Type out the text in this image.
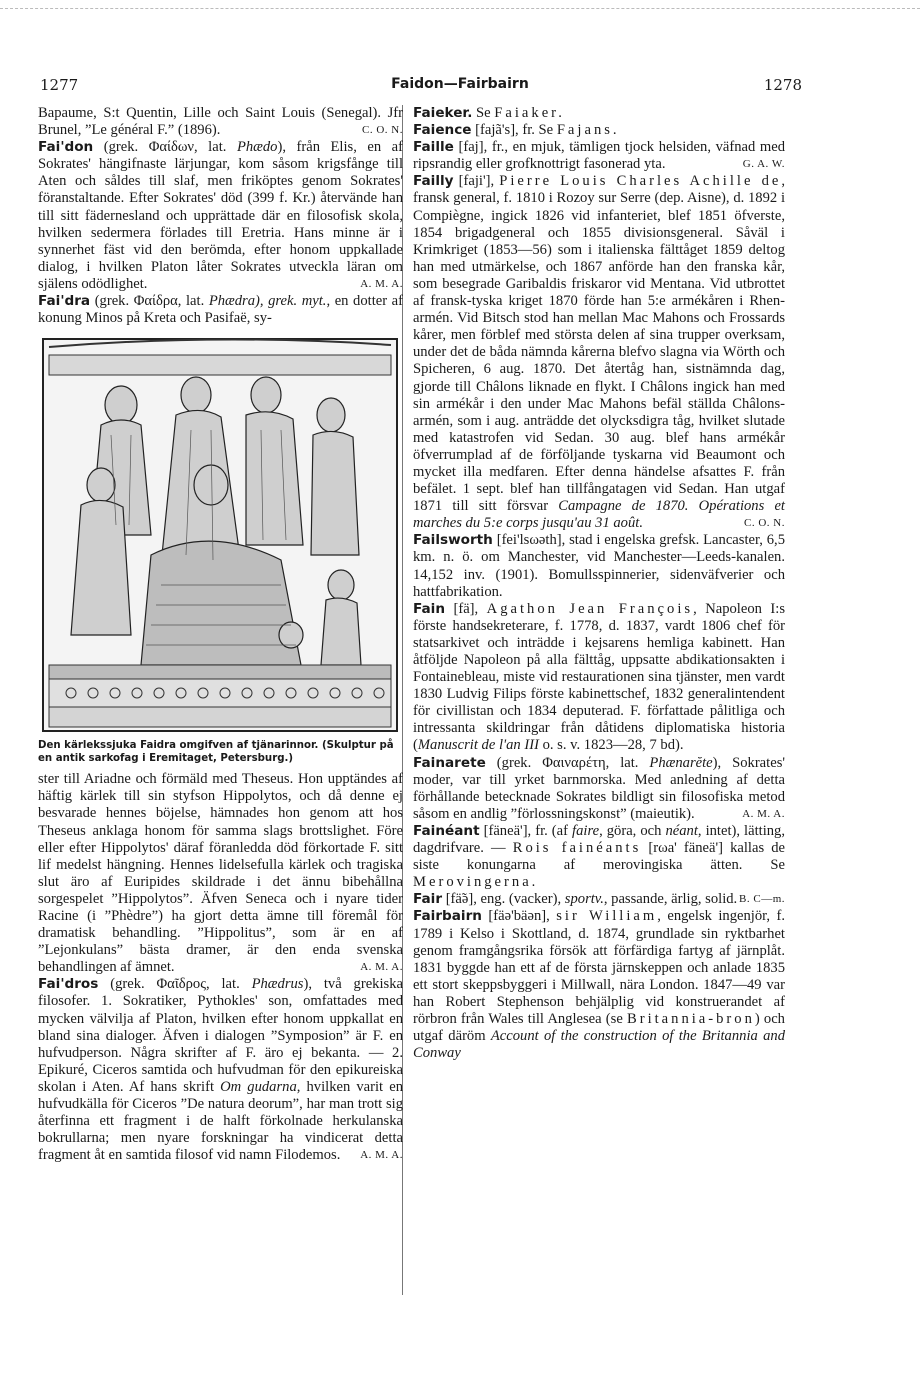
1277	Faidon—Fairbairn	1278

Bapaume, S:t Quentin, Lille och Saint Louis (Senegal). Jfr Brunel, ”Le général F.” (1896).	C. O. N.

Fai'don (grek. Φαίδων, lat. Phædo), från Elis, en af Sokrates' hängifnaste lärjungar, kom såsom krigsfånge till Aten och såldes till slaf, men friköptes genom Sokrates' föranstaltande. Efter Sokrates' död (399 f. Kr.) återvände han till sitt fädernesland och upprättade där en filosofisk skola, hvilken sedermera förlades till Eretria. Hans minne är i synnerhet fäst vid den berömda, efter honom uppkallade dialog, i hvilken Platon låter Sokrates utveckla läran om själens odödlighet.	A. M. A.

Fai'dra (grek. Φαίδρα, lat. Phædra), grek. myt., en dotter af konung Minos på Kreta och Pasifaë, sy-

Den kärlekssjuka Faidra omgifven af tjänarinnor. (Skulptur på en antik sarkofag i Eremitaget, Petersburg.)

ster till Ariadne och förmäld med Theseus. Hon upptändes af häftig kärlek till sin styfson Hippolytos, och då denne ej besvarade hennes böjelse, hämnades hon genom att hos Theseus anklaga honom för samma slags brottslighet. Före eller efter Hippolytos' däraf föranledda död förkortade F. sitt lif medelst hängning. Hennes lidelsefulla kärlek och tragiska slut äro af Euripides skildrade i det ännu bibehållna sorgespelet ”Hippolytos”. Äfven Seneca och i nyare tider Racine (i ”Phèdre”) ha gjort detta ämne till föremål för dramatisk behandling. ”Hippolitus”, som är en af ”Lejonkulans” bästa dramer, är den enda svenska behandlingen af ämnet.	A. M. A.

Fai'dros (grek. Φαῖδρος, lat. Phædrus), två grekiska filosofer. 1. Sokratiker, Pythokles' son, omfattades med mycken välvilja af Platon, hvilken efter honom uppkallat en bland sina dialoger. Äfven i dialogen ”Symposion” är F. en hufvudperson. Några skrifter af F. äro ej bekanta. — 2. Epikuré, Ciceros samtida och hufvudman för den epikureiska skolan i Aten. Af hans skrift Om gudarna, hvilken varit en hufvudkälla för Ciceros ”De natura deorum”, har man trott sig återfinna ett fragment i de halft förkolnade herkulanska bokrullarna; men nyare forskningar ha vindicerat detta fragment åt en samtida filosof vid namn Filodemos. A. M. A.

Faieker. Se Faiaker.

Faience [fajã's], fr. Se Fajans.

Faille [faj], fr., en mjuk, tämligen tjock helsiden, väfnad med ripsrandig eller grofknottrigt fasonerad yta.	G. A. W.

Failly [faji'], Pierre Louis Charles Achille de, fransk general, f. 1810 i Rozoy sur Serre (dep. Aisne), d. 1892 i Compiègne, ingick 1826 vid infanteriet, blef 1851 öfverste, 1854 brigadgeneral och 1855 divisionsgeneral. Såväl i Krimkriget (1853—56) som i italienska fälttåget 1859 deltog han med utmärkelse, och 1867 anförde han den franska kår, som besegrade Garibaldis friskaror vid Mentana. Vid utbrottet af fransk-tyska kriget 1870 förde han 5:e armékåren i Rhen-armén. Vid Bitsch stod han mellan Mac Mahons och Frossards kårer, men förblef med största delen af sina trupper overksam, under det de båda nämnda kårerna blefvo slagna via Wörth och Spicheren, 6 aug. 1870. Det återtåg han, sistnämnda dag, gjorde till Châlons liknade en flykt. I Châlons ingick han med sin armékår i den under Mac Mahons befäl ställda Châlons-armén, som i aug. anträdde det olycksdigra tåg, hvilket slutade med katastrofen vid Sedan. 30 aug. blef hans armékår öfverrumplad af de förföljande tyskarna vid Beaumont och mycket illa medfaren. Efter denna händelse afsattes F. från befälet. 1 sept. blef han tillfångatagen vid Sedan. Han utgaf 1871 till sitt försvar Campagne de 1870. Opérations et marches du 5:e corps jusqu'au 31 août.	C. O. N.

Failsworth [fei'lsωəth], stad i engelska grefsk. Lancaster, 6,5 km. n. ö. om Manchester, vid Manchester—Leeds-kanalen. 14,152 inv. (1901). Bomullsspinnerier, sidenväfverier och hattfabrikation.

Fain [fä], Agathon Jean François, Napoleon I:s förste handsekreterare, f. 1778, d. 1837, vardt 1806 chef för statsarkivet och inträdde i kejsarens hemliga kabinett. Han åtföljde Napoleon på alla fälttåg, uppsatte abdikationsakten i Fontainebleau, miste vid restaurationen sina tjänster, men vardt 1830 Ludvig Filips förste kabinettschef, 1832 generalintendent för civillistan och 1834 deputerad. F. författade pålitliga och intressanta skildringar från dåtidens diplomatiska historia (Manuscrit de l'an III o. s. v. 1823—28, 7 bd).

Fainarete (grek. Φαιναρέτη, lat. Phænarĕte), Sokrates' moder, var till yrket barnmorska. Med anledning af detta förhållande betecknade Sokrates bildligt sin filosofiska metod såsom en andlig ”förlossningskonst” (maieutik).	A. M. A.

Fainéant [fäneä'], fr. (af faire, göra, och néant, intet), lätting, dagdrifvare. — Rois fainéants [rωa' fäneä'] kallas de siste konungarna af merovingiska ätten. Se Merovingerna.

Fair [fä̃ə], eng. (vacker), sportv., passande, ärlig, solid. B. C—m.

Fairbairn [fäə'bäən], sir William, engelsk ingenjör, f. 1789 i Kelso i Skottland, d. 1874, grundlade sin ryktbarhet genom framgångsrika försök att förfärdiga fartyg af järnplåt. 1831 byggde han ett af de första järnskeppen och anlade 1835 ett stort skeppsbyggeri i Millwall, nära London. 1847—49 var han Robert Stephenson behjälplig vid konstruerandet af rörbron från Wales till Anglesea (se Britannia-bron) och utgaf däröm Account of the construction of the Britannia and Conway
